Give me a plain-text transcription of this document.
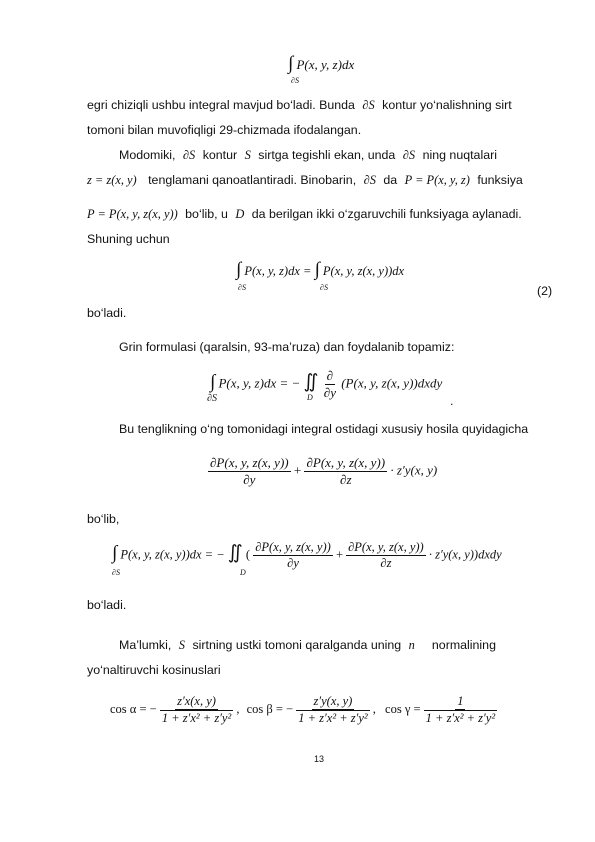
∫ P(x, y, z)dx
∂S
egri chiziqli ushbu integral mavjud bo‘ladi. Bunda ∂S kontur yo‘nalishning sirt
tomoni bilan muvofiqligi 29-chizmada ifodalangan.
Modomiki, ∂S kontur S sirtga tegishli ekan, unda ∂S ning nuqtalari
z = z(x, y) tenglamani qanoatlantiradi. Binobarin, ∂S da P = P(x, y, z) funksiya
P = P(x, y, z(x, y)) bo‘lib, u D da berilgan ikki o‘zgaruvchili funksiyaga aylanadi.
Shuning uchun
∫ P(x, y, z)dx = ∫ P(x, y, z(x, y))dx
∂S	∂S	(2)
bo‘ladi.
Grin formulasi (qaralsin, 93-ma’ruza) dan foydalanib topamiz:
∫ P(x, y, z)dx = − ∬ $\frac{\partial}{\partial y} (P(x$, y, z(x, y))dxdy
∂S	D	.
Bu tenglikning o‘ng tomonidagi integral ostidagi xususiy hosila quyidagicha
$\frac{\partial P(x, y, z(x, y))}{\partial y} + \frac{\partial P(x, y, z(x, y))}{\partial z} \cdot z'y(x$, y)
bo‘lib,
∫ P(x, y, z(x, y))dx = − ∬ ( $\frac{\partial P(x, y, z(x, y))}{\partial y} + \frac{\partial P(x, y, z(x, y))}{\partial z} \cdot z'y(x$, y))dxdy
∂S	D
bo‘ladi.
Ma’lumki, S sirtning ustki tomoni qaralganda uning n⃗ normalining
yo‘naltiruvchi kosinuslari
cos α = − $\frac{z'x(x, y)}{\text{1 + z′x² + z′y²}}$ , cos β = − $\frac{z'y(x, y)}{\text{1 + z′x² + z′y²}}$ , $\cos \gamma = \frac{1}{\text{1 + z′x² + z′y²}}$
13
